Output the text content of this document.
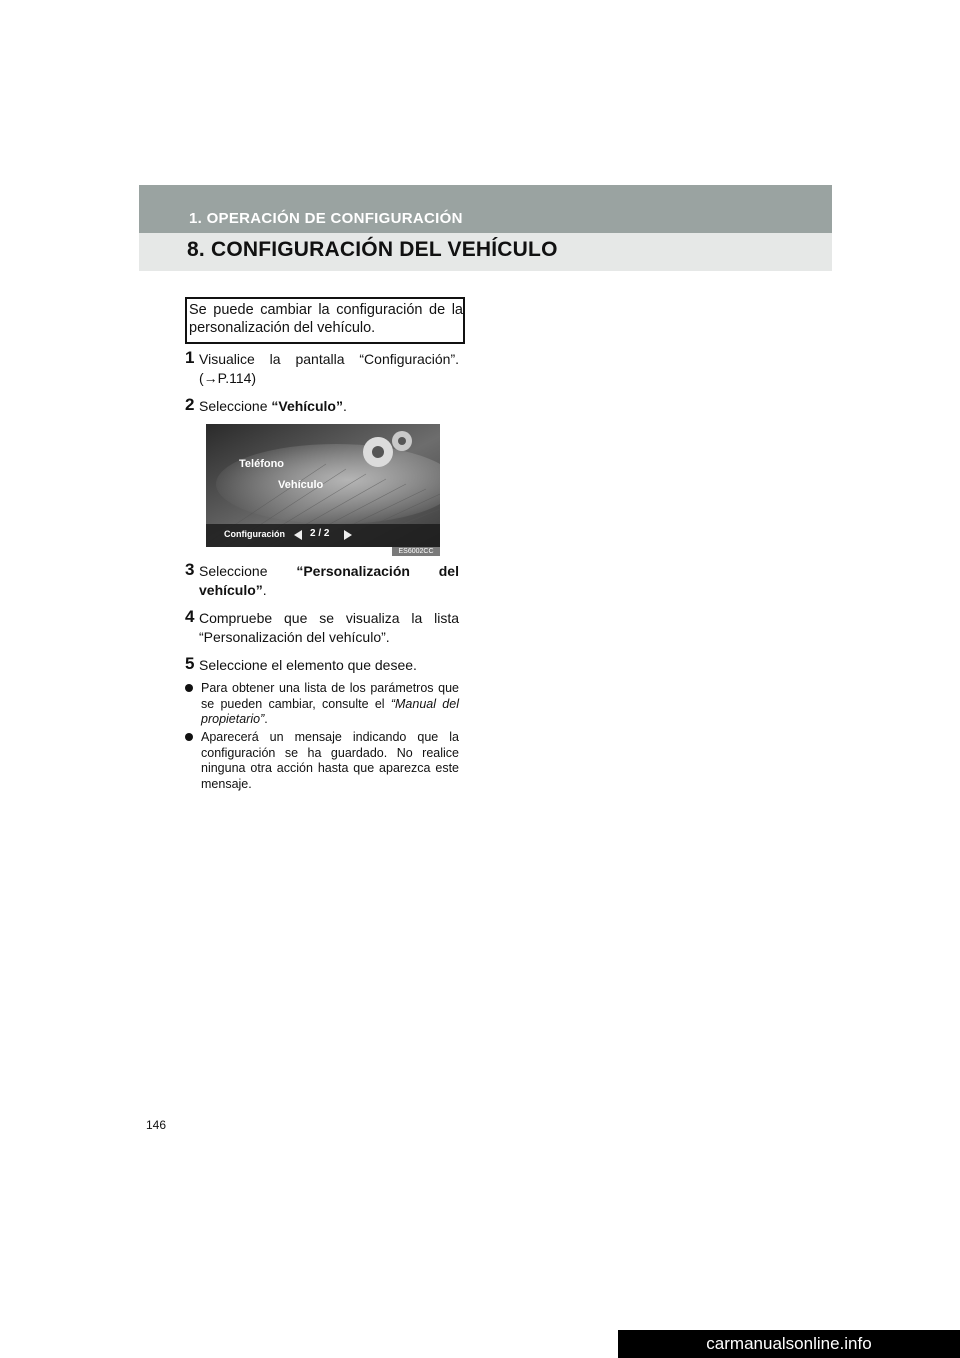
1. OPERACIÓN DE CONFIGURACIÓN
8. CONFIGURACIÓN DEL VEHÍCULO
Se puede cambiar la configuración de la personalización del vehículo.
1 Visualice la pantalla “Configuración”. (→P.114)
2 Seleccione “Vehículo”.
Teléfono
Vehículo
Configuración	2 / 2
ES6002CC
3 Seleccione “Personalización del vehículo”.
4 Compruebe que se visualiza la lista “Personalización del vehículo”.
5 Seleccione el elemento que desee.
Para obtener una lista de los parámetros que se pueden cambiar, consulte el “Manual del propietario”.
Aparecerá un mensaje indicando que la configuración se ha guardado. No realice ninguna otra acción hasta que aparezca este mensaje.
146
carmanualsonline.info
